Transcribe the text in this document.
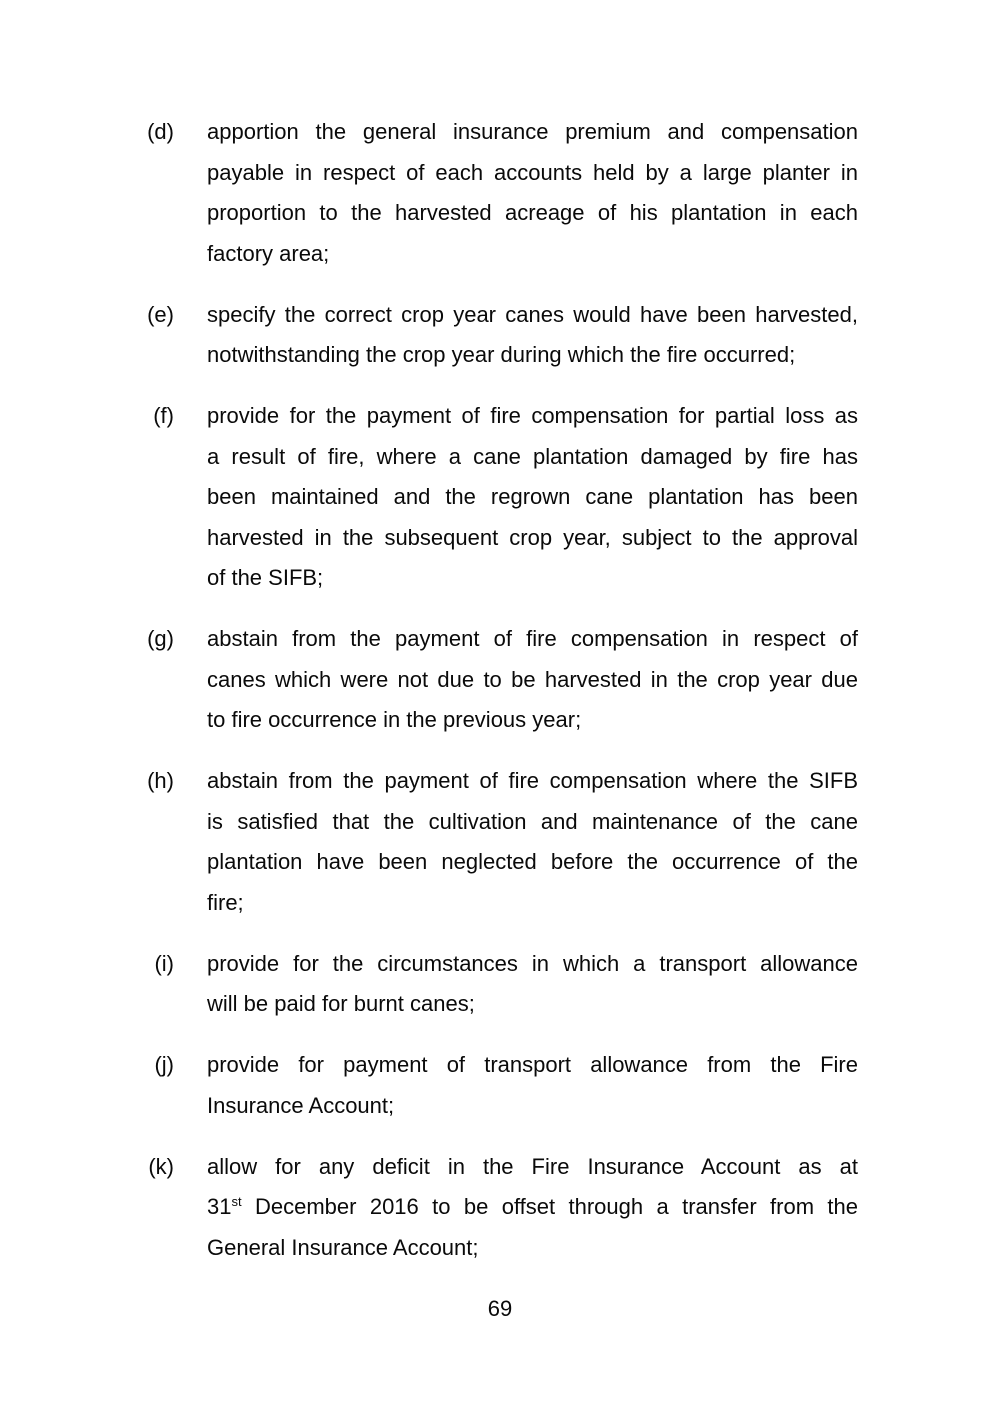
(d) apportion the general insurance premium and compensation
payable in respect of each accounts held by a large planter in
proportion to the harvested acreage of his plantation in each
factory area;
(e) specify the correct crop year canes would have been harvested,
notwithstanding the crop year during which the fire occurred;
(f) provide for the payment of fire compensation for partial loss as
a result of fire, where a cane plantation damaged by fire has
been maintained and the regrown cane plantation has been
harvested in the subsequent crop year, subject to the approval
of the SIFB;
(g) abstain from the payment of fire compensation in respect of
canes which were not due to be harvested in the crop year due
to fire occurrence in the previous year;
(h) abstain from the payment of fire compensation where the SIFB
is satisfied that the cultivation and maintenance of the cane
plantation have been neglected before the occurrence of the
fire;
(i) provide for the circumstances in which a transport allowance
will be paid for burnt canes;
(j) provide for payment of transport allowance from the Fire
Insurance Account;
(k) allow for any deficit in the Fire Insurance Account as at
31st December 2016 to be offset through a transfer from the
General Insurance Account;
69
